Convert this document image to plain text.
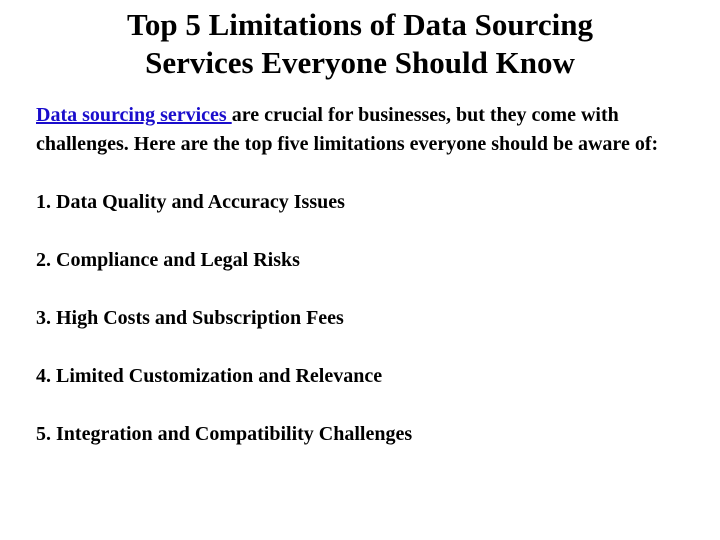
Top 5 Limitations of Data Sourcing
Services Everyone Should Know

Data sourcing services are crucial for businesses, but they come with challenges. Here are the top five limitations everyone should be aware of:

1. Data Quality and Accuracy Issues

2. Compliance and Legal Risks

3. High Costs and Subscription Fees

4. Limited Customization and Relevance

5. Integration and Compatibility Challenges
